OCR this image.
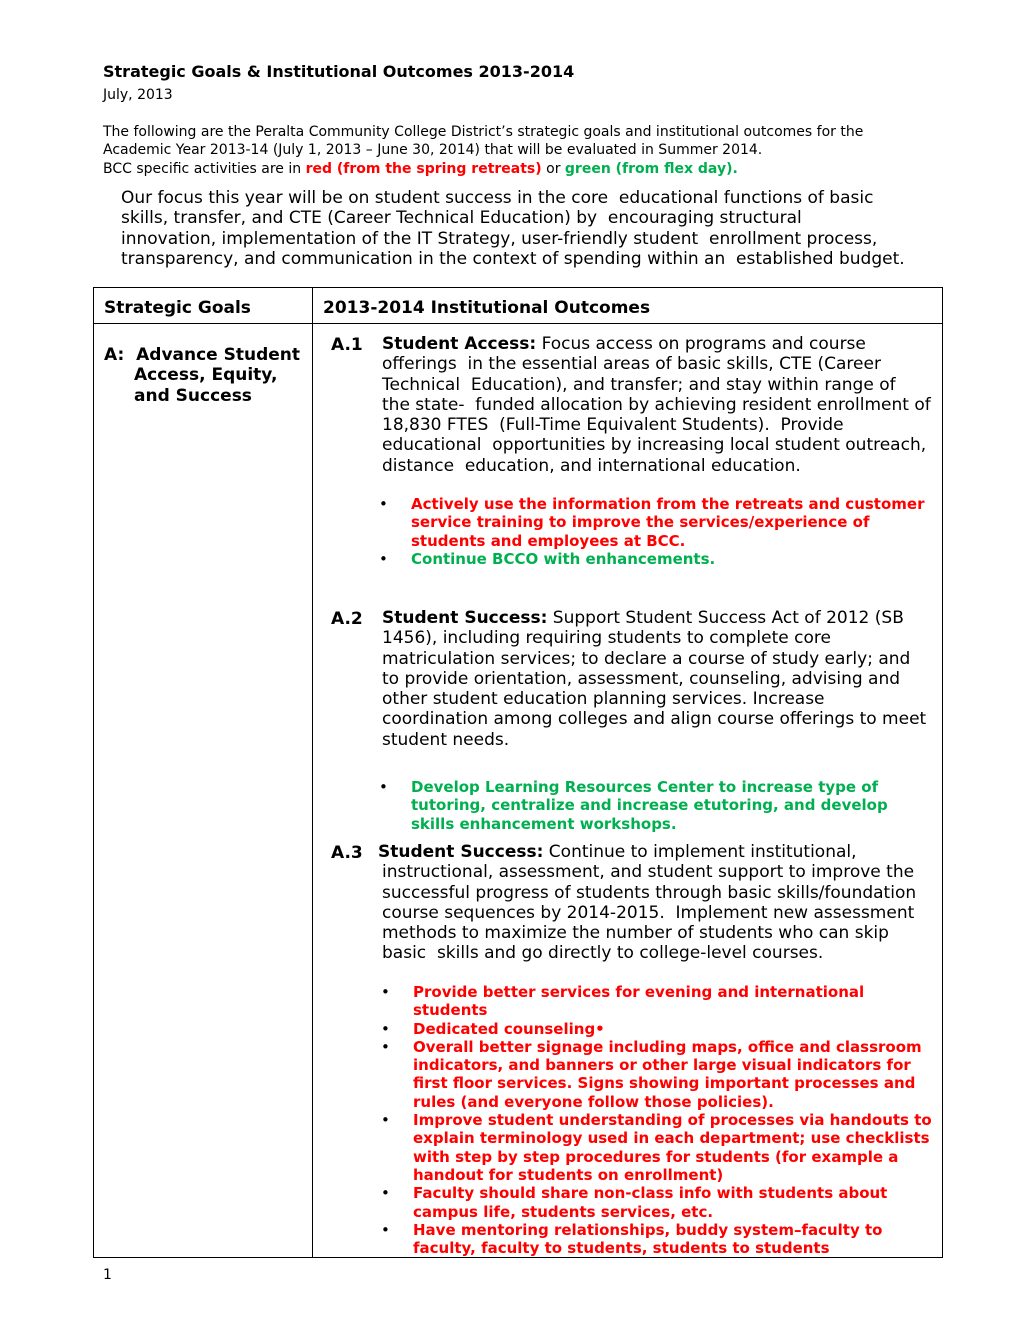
Strategic Goals & Institutional Outcomes 2013-2014
July, 2013
The following are the Peralta Community College District’s strategic goals and institutional outcomes for the
Academic Year 2013-14 (July 1, 2013 – June 30, 2014) that will be evaluated in Summer 2014.
BCC specific activities are in red (from the spring retreats) or green (from flex day).
Our focus this year will be on student success in the core  educational functions of basic
skills, transfer, and CTE (Career Technical Education) by  encouraging structural
innovation, implementation of the IT Strategy, user-friendly student  enrollment process,
transparency, and communication in the context of spending within an  established budget.
Strategic Goals	2013-2014 Institutional Outcomes
A: Advance Student
Access, Equity,
and Success
A.1 Student Access: Focus access on programs and course
offerings  in the essential areas of basic skills, CTE (Career
Technical  Education), and transfer; and stay within range of
the state-  funded allocation by achieving resident enrollment of
18,830 FTES  (Full-Time Equivalent Students).  Provide
educational  opportunities by increasing local student outreach,
distance  education, and international education.
• Actively use the information from the retreats and customer
service training to improve the services/experience of
students and employees at BCC.
• Continue BCCO with enhancements.
A.2 Student Success: Support Student Success Act of 2012 (SB
1456), including requiring students to complete core
matriculation services; to declare a course of study early; and
to provide orientation, assessment, counseling, advising and
other student education planning services. Increase
coordination among colleges and align course offerings to meet
student needs.
• Develop Learning Resources Center to increase type of
tutoring, centralize and increase etutoring, and develop
skills enhancement workshops.
A.3 Student Success: Continue to implement institutional,
instructional, assessment, and student support to improve the
successful progress of students through basic skills/foundation
course sequences by 2014-2015.  Implement new assessment
methods to maximize the number of students who can skip
basic  skills and go directly to college-level courses.
• Provide better services for evening and international
students
• Dedicated counseling•
• Overall better signage including maps, office and classroom
indicators, and banners or other large visual indicators for
first floor services. Signs showing important processes and
rules (and everyone follow those policies).
• Improve student understanding of processes via handouts to
explain terminology used in each department; use checklists
with step by step procedures for students (for example a
handout for students on enrollment)
• Faculty should share non-class info with students about
campus life, students services, etc.
• Have mentoring relationships, buddy system–faculty to
faculty, faculty to students, students to students
1
